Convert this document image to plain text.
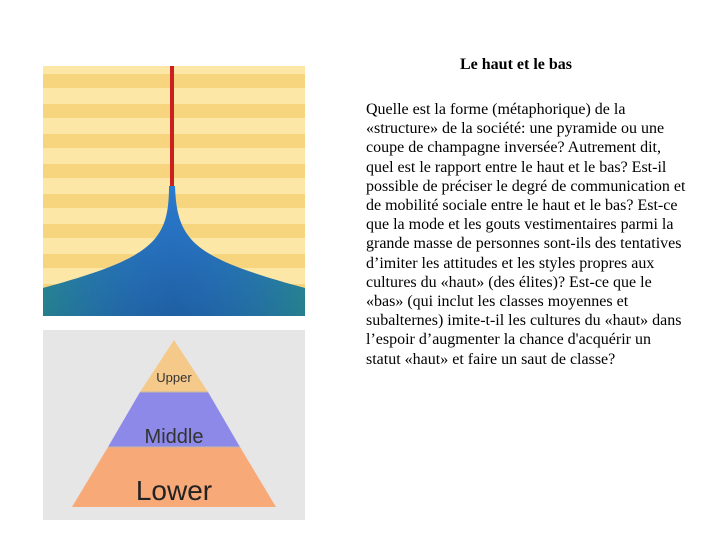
Le haut et le bas
Quelle est la forme (métaphorique) de la «structure» de la société: une pyramide ou une coupe de champagne inversée? Autrement dit, quel est le rapport entre le haut et le bas? Est-il possible de préciser le degré de communication et de mobilité sociale entre le haut et le bas? Est-ce que la mode et les gouts vestimentaires parmi la grande masse de personnes sont-ils des tentatives d’imiter les attitudes et les styles propres aux cultures du «haut» (des élites)? Est-ce que le «bas» (qui inclut les classes moyennes et subalternes) imite-t-il les cultures du «haut» dans l’espoir d’augmenter la chance d'acquérir un statut «haut» et faire un saut de classe?
Upper
Middle
Lower
